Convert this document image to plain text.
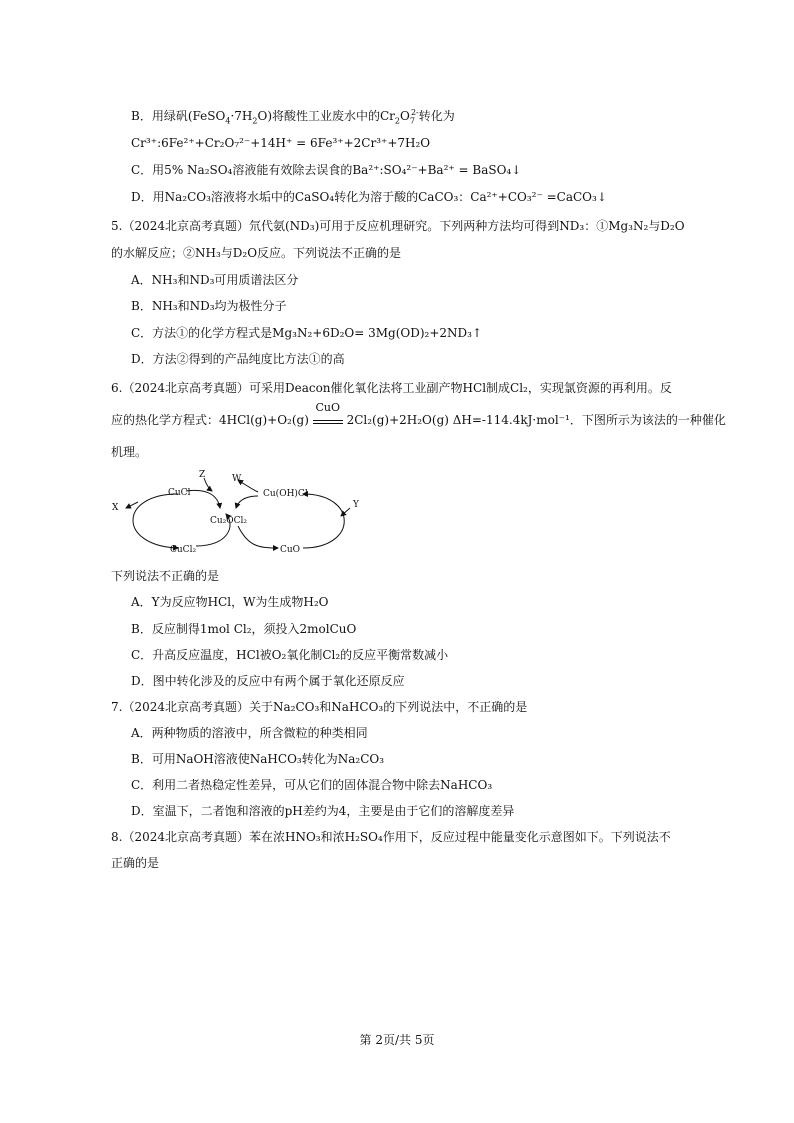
B．用绿矾$(FeSO_4\cdot 7H_2O)$将酸性工业废水中的$Cr_2O_7^{2-}$转化为
Cr³⁺:6Fe²⁺+Cr₂O₇²⁻+14H⁺ = 6Fe³⁺+2Cr³⁺+7H₂O
C．用5% Na₂SO₄溶液能有效除去误食的Ba²⁺:SO₄²⁻+Ba²⁺ = BaSO₄↓
D．用Na₂CO₃溶液将水垢中的CaSO₄转化为溶于酸的CaCO₃：Ca²⁺+CO₃²⁻ =CaCO₃↓
5.（2024北京高考真题）氘代氨(ND₃)可用于反应机理研究。下列两种方法均可得到ND₃：①Mg₃N₂与D₂O
的水解反应；②NH₃与D₂O反应。下列说法不正确的是
A．NH₃和ND₃可用质谱法区分
B．NH₃和ND₃均为极性分子
C．方法①的化学方程式是Mg₃N₂+6D₂O= 3Mg(OD)₂+2ND₃↑
D．方法②得到的产品纯度比方法①的高
6.（2024北京高考真题）可采用Deacon催化氧化法将工业副产物HCl制成Cl₂，实现氯资源的再利用。反
应的热化学方程式：4HCl(g)+O₂(g)
CuO
2Cl₂(g)+2H₂O(g) ΔH=-114.4kJ·mol⁻¹．下图所示为该法的一种催化
机理。
CuCl	Cu(OH)Cl
Cu₂OCl₂
CuCl₂	CuO
X	Y
Z	W
下列说法不正确的是
A．Y为反应物HCl，W为生成物H₂O
B．反应制得1mol Cl₂，须投入2molCuO
C．升高反应温度，HCl被O₂氧化制Cl₂的反应平衡常数减小
D．图中转化涉及的反应中有两个属于氧化还原反应
7.（2024北京高考真题）关于Na₂CO₃和NaHCO₃的下列说法中，不正确的是
A．两种物质的溶液中，所含微粒的种类相同
B．可用NaOH溶液使NaHCO₃转化为Na₂CO₃
C．利用二者热稳定性差异，可从它们的固体混合物中除去NaHCO₃
D．室温下，二者饱和溶液的pH差约为4，主要是由于它们的溶解度差异
8.（2024北京高考真题）苯在浓HNO₃和浓H₂SO₄作用下，反应过程中能量变化示意图如下。下列说法不
正确的是
第 2页/共 5页
